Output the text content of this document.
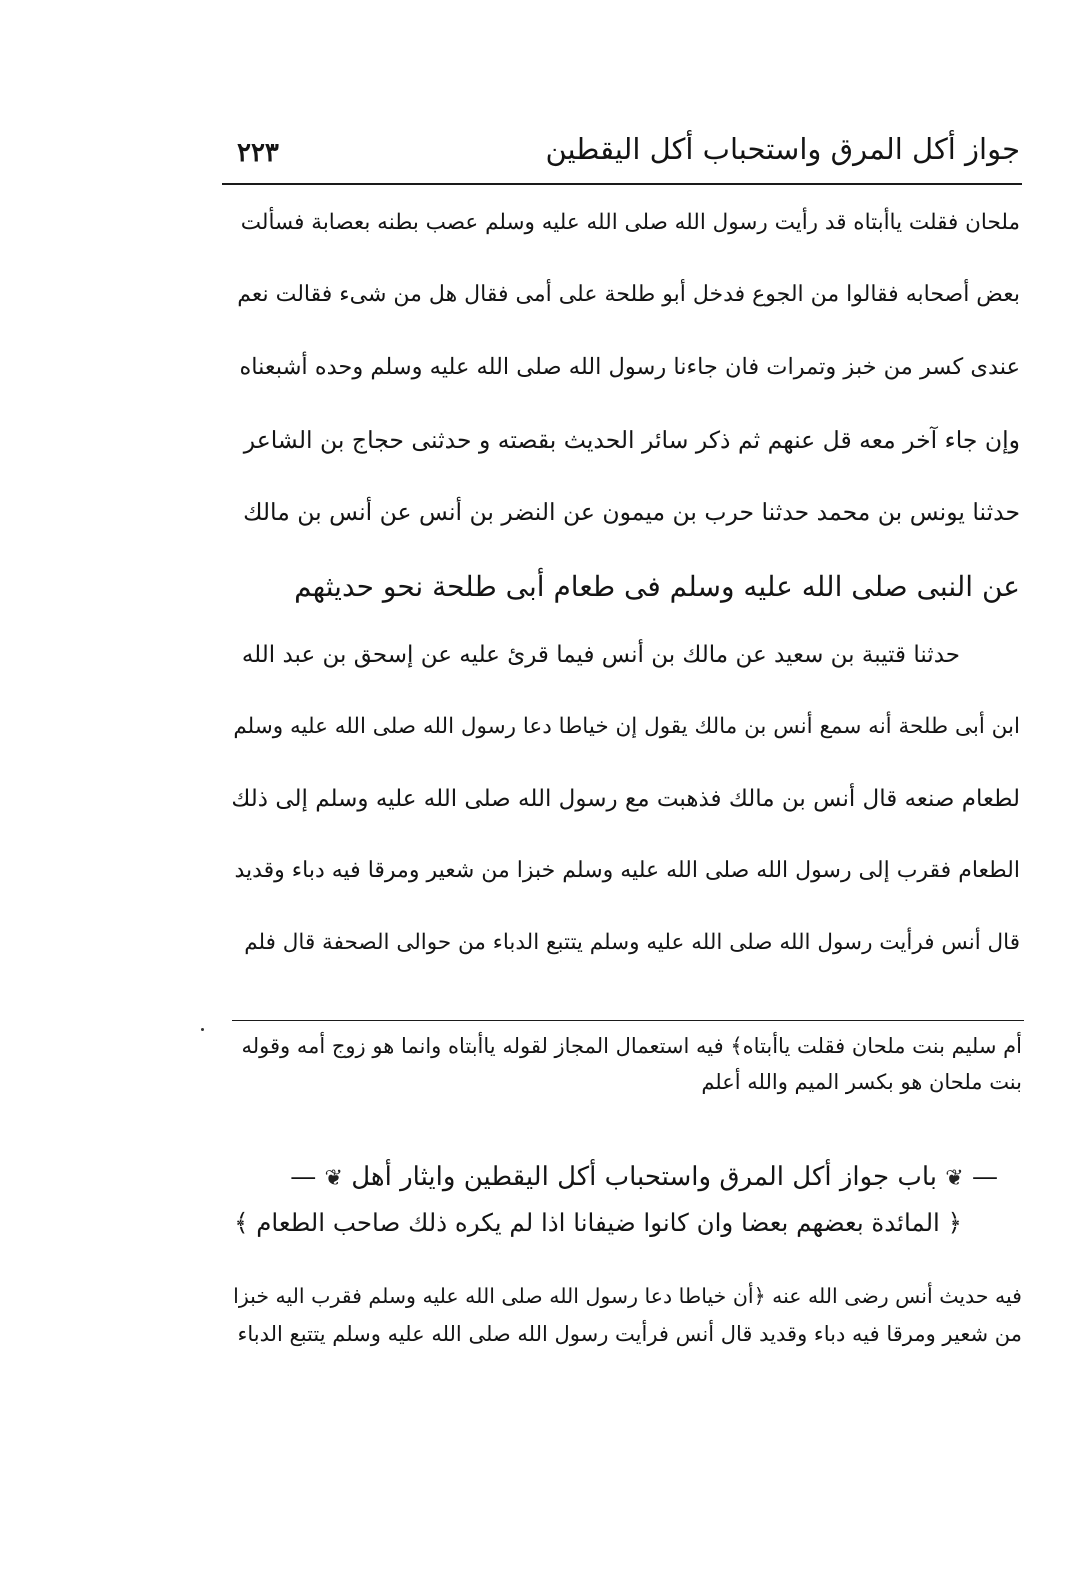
جواز أكل المرق واستحباب أكل اليقطين
٢٢٣
ملحان فقلت ياأبتاه قد رأيت رسول الله صلى الله عليه وسلم عصب بطنه بعصابة فسألت
بعض أصحابه فقالوا من الجوع فدخل أبو طلحة على أمى فقال هل من شىء فقالت نعم
عندى كسر من خبز وتمرات فان جاءنا رسول الله صلى الله عليه وسلم وحده أشبعناه
وإن جاء آخر معه قل عنهم ثم ذكر سائر الحديث بقصته و حدثنى حجاج بن الشاعر
حدثنا يونس بن محمد حدثنا حرب بن ميمون عن النضر بن أنس عن أنس بن مالك
عن النبى صلى الله عليه وسلم فى طعام أبى طلحة نحو حديثهم
حدثنا قتيبة بن سعيد عن مالك بن أنس فيما قرئ عليه عن إسحق بن عبد الله
ابن أبى طلحة أنه سمع أنس بن مالك يقول إن خياطا دعا رسول الله صلى الله عليه وسلم
لطعام صنعه قال أنس بن مالك فذهبت مع رسول الله صلى الله عليه وسلم إلى ذلك
الطعام فقرب إلى رسول الله صلى الله عليه وسلم خبزا من شعير ومرقا فيه دباء وقديد
قال أنس فرأيت رسول الله صلى الله عليه وسلم يتتبع الدباء من حوالى الصحفة قال فلم
أم سليم بنت ملحان فقلت ياأبتاه﴾ فيه استعمال المجاز لقوله ياأبتاه وانما هو زوج أمه وقوله
بنت ملحان هو بكسر الميم والله أعلم
— ❦ باب جواز أكل المرق واستحباب أكل اليقطين وايثار أهل ❦ —
﴿ المائدة بعضهم بعضا وان كانوا ضيفانا اذا لم يكره ذلك صاحب الطعام ﴾
فيه حديث أنس رضى الله عنه ﴿أن خياطا دعا رسول الله صلى الله عليه وسلم فقرب اليه خبزا
من شعير ومرقا فيه دباء وقديد قال أنس فرأيت رسول الله صلى الله عليه وسلم يتتبع الدباء
